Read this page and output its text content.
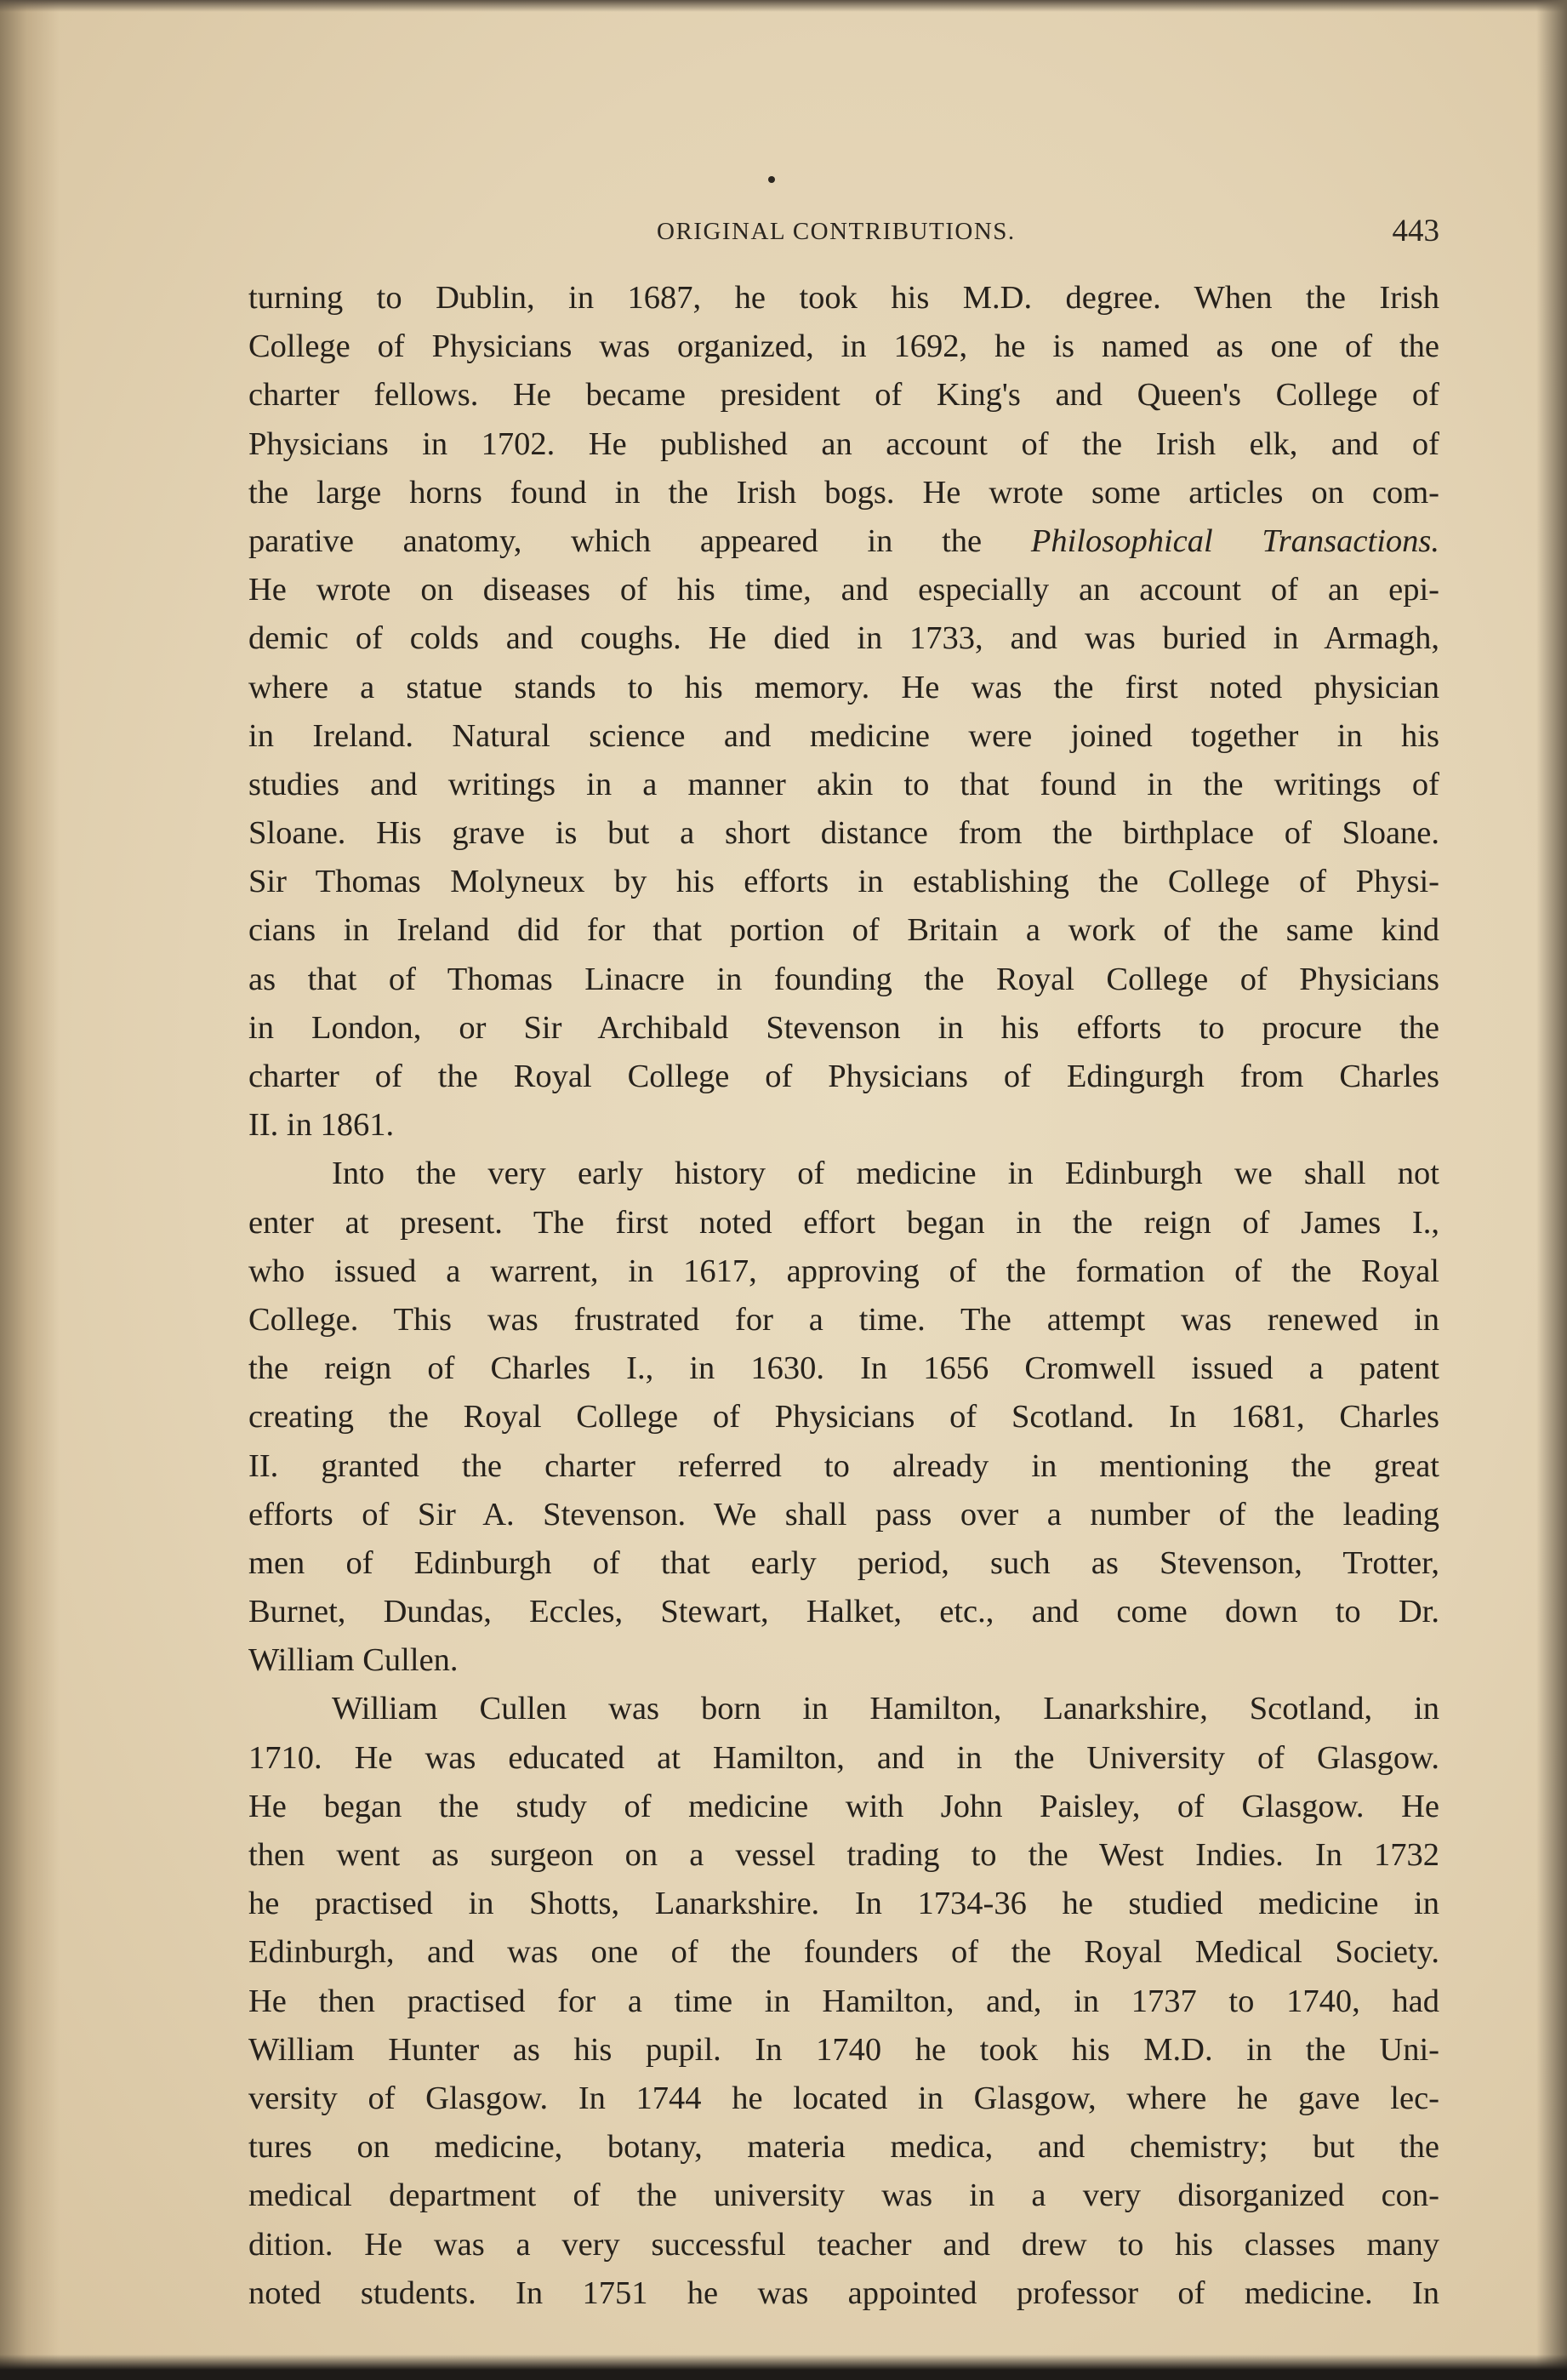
ORIGINAL CONTRIBUTIONS.	443
turning to Dublin, in 1687, he took his M.D. degree. When the Irish
College of Physicians was organized, in 1692, he is named as one of the
charter fellows. He became president of King's and Queen's College of
Physicians in 1702. He published an account of the Irish elk, and of
the large horns found in the Irish bogs. He wrote some articles on com-
parative anatomy, which appeared in the Philosophical Transactions.
He wrote on diseases of his time, and especially an account of an epi-
demic of colds and coughs. He died in 1733, and was buried in Armagh,
where a statue stands to his memory. He was the first noted physician
in Ireland. Natural science and medicine were joined together in his
studies and writings in a manner akin to that found in the writings of
Sloane. His grave is but a short distance from the birthplace of Sloane.
Sir Thomas Molyneux by his efforts in establishing the College of Physi-
cians in Ireland did for that portion of Britain a work of the same kind
as that of Thomas Linacre in founding the Royal College of Physicians
in London, or Sir Archibald Stevenson in his efforts to procure the
charter of the Royal College of Physicians of Edingurgh from Charles
II. in 1861.
Into the very early history of medicine in Edinburgh we shall not
enter at present. The first noted effort began in the reign of James I.,
who issued a warrent, in 1617, approving of the formation of the Royal
College. This was frustrated for a time. The attempt was renewed in
the reign of Charles I., in 1630. In 1656 Cromwell issued a patent
creating the Royal College of Physicians of Scotland. In 1681, Charles
II. granted the charter referred to already in mentioning the great
efforts of Sir A. Stevenson. We shall pass over a number of the leading
men of Edinburgh of that early period, such as Stevenson, Trotter,
Burnet, Dundas, Eccles, Stewart, Halket, etc., and come down to Dr.
William Cullen.
William Cullen was born in Hamilton, Lanarkshire, Scotland, in
1710. He was educated at Hamilton, and in the University of Glasgow.
He began the study of medicine with John Paisley, of Glasgow. He
then went as surgeon on a vessel trading to the West Indies. In 1732
he practised in Shotts, Lanarkshire. In 1734-36 he studied medicine in
Edinburgh, and was one of the founders of the Royal Medical Society.
He then practised for a time in Hamilton, and, in 1737 to 1740, had
William Hunter as his pupil. In 1740 he took his M.D. in the Uni-
versity of Glasgow. In 1744 he located in Glasgow, where he gave lec-
tures on medicine, botany, materia medica, and chemistry; but the
medical department of the university was in a very disorganized con-
dition. He was a very successful teacher and drew to his classes many
noted students. In 1751 he was appointed professor of medicine. In
